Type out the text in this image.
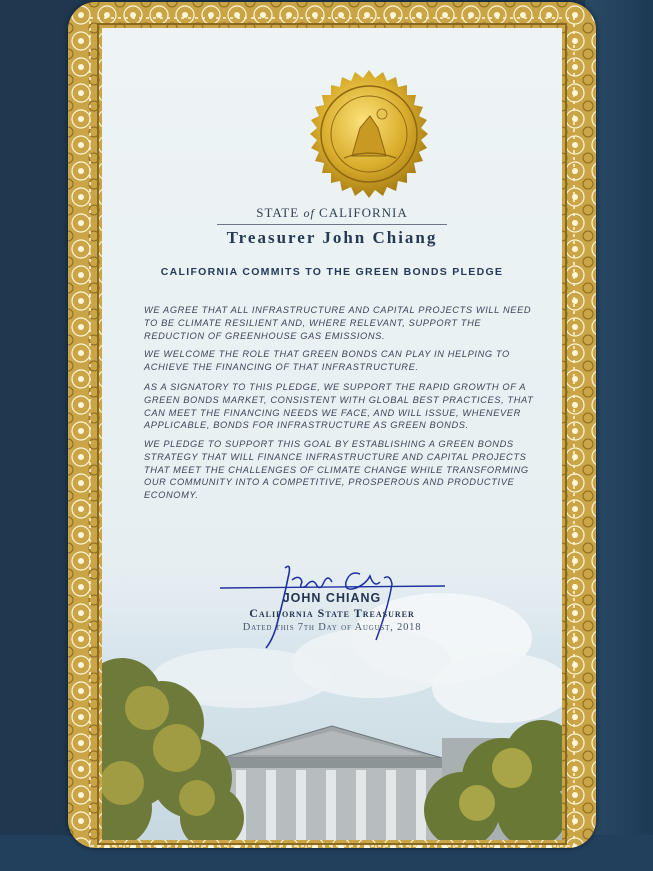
STATE of CALIFORNIA
Treasurer John Chiang
CALIFORNIA COMMITS TO THE GREEN BONDS PLEDGE
WE AGREE THAT ALL INFRASTRUCTURE AND CAPITAL PROJECTS WILL NEED TO BE CLIMATE RESILIENT AND, WHERE RELEVANT, SUPPORT THE REDUCTION OF GREENHOUSE GAS EMISSIONS.
WE WELCOME THE ROLE THAT GREEN BONDS CAN PLAY IN HELPING TO ACHIEVE THE FINANCING OF THAT INFRASTRUCTURE.
AS A SIGNATORY TO THIS PLEDGE, WE SUPPORT THE RAPID GROWTH OF A GREEN BONDS MARKET, CONSISTENT WITH GLOBAL BEST PRACTICES, THAT CAN MEET THE FINANCING NEEDS WE FACE, AND WILL ISSUE, WHENEVER APPLICABLE, BONDS FOR INFRASTRUCTURE AS GREEN BONDS.
WE PLEDGE TO SUPPORT THIS GOAL BY ESTABLISHING A GREEN BONDS STRATEGY THAT WILL FINANCE INFRASTRUCTURE AND CAPITAL PROJECTS THAT MEET THE CHALLENGES OF CLIMATE CHANGE WHILE TRANSFORMING OUR COMMUNITY INTO A COMPETITIVE, PROSPEROUS AND PRODUCTIVE ECONOMY.
JOHN CHIANG
California State Treasurer
Dated this 7th Day of August, 2018
